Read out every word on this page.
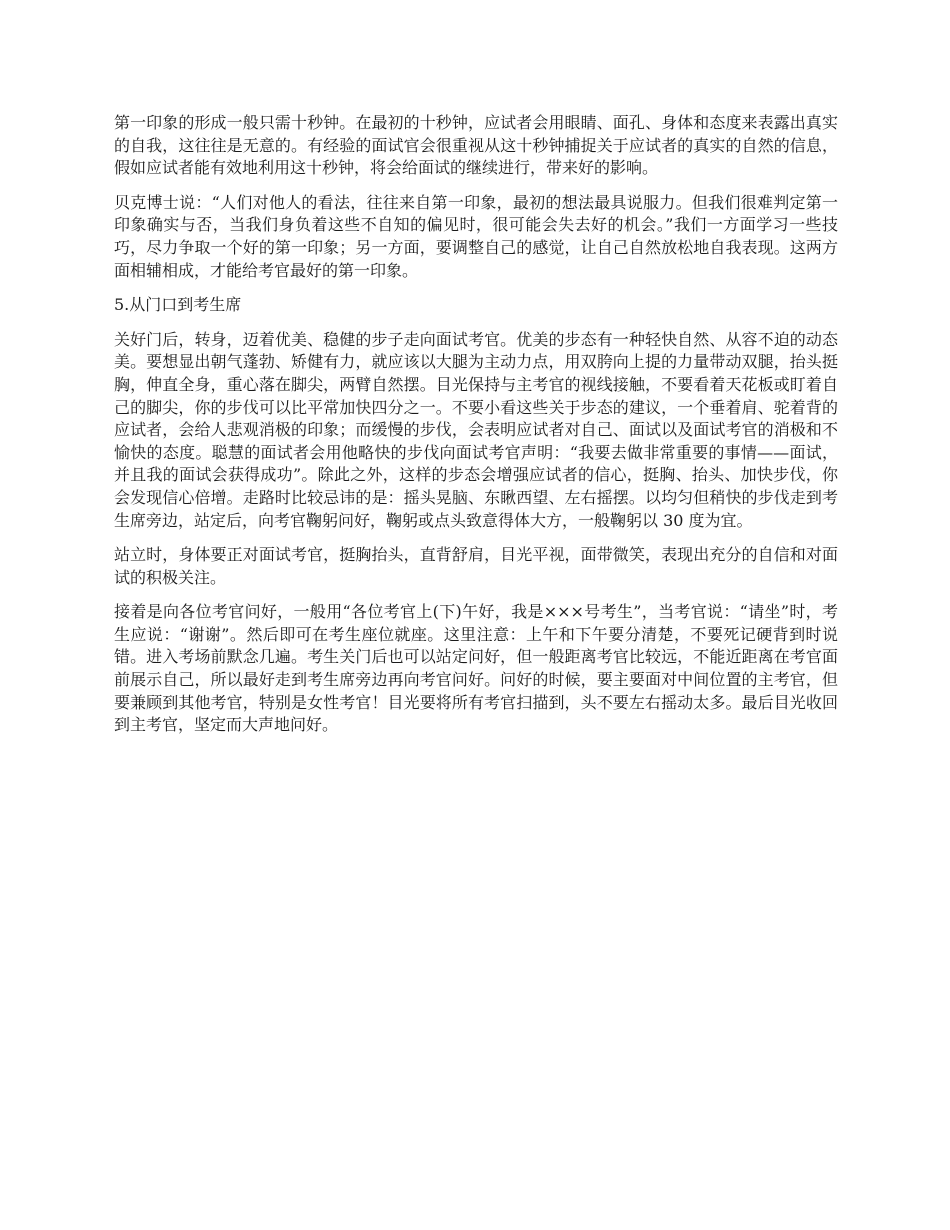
第一印象的形成一般只需十秒钟。在最初的十秒钟，应试者会用眼睛、面孔、身体和态度来表露出真实的自我，这往往是无意的。有经验的面试官会很重视从这十秒钟捕捉关于应试者的真实的自然的信息，假如应试者能有效地利用这十秒钟，将会给面试的继续进行，带来好的影响。

贝克博士说：“人们对他人的看法，往往来自第一印象，最初的想法最具说服力。但我们很难判定第一印象确实与否，当我们身负着这些不自知的偏见时，很可能会失去好的机会。”我们一方面学习一些技巧，尽力争取一个好的第一印象；另一方面，要调整自己的感觉，让自己自然放松地自我表现。这两方面相辅相成，才能给考官最好的第一印象。

5.从门口到考生席

关好门后，转身，迈着优美、稳健的步子走向面试考官。优美的步态有一种轻快自然、从容不迫的动态美。要想显出朝气蓬勃、矫健有力，就应该以大腿为主动力点，用双胯向上提的力量带动双腿，抬头挺胸，伸直全身，重心落在脚尖，两臂自然摆。目光保持与主考官的视线接触，不要看着天花板或盯着自己的脚尖，你的步伐可以比平常加快四分之一。不要小看这些关于步态的建议，一个垂着肩、驼着背的应试者，会给人悲观消极的印象；而缓慢的步伐，会表明应试者对自己、面试以及面试考官的消极和不愉快的态度。聪慧的面试者会用他略快的步伐向面试考官声明：“我要去做非常重要的事情——面试，并且我的面试会获得成功”。除此之外，这样的步态会增强应试者的信心，挺胸、抬头、加快步伐，你会发现信心倍增。走路时比较忌讳的是：摇头晃脑、东瞅西望、左右摇摆。以均匀但稍快的步伐走到考生席旁边，站定后，向考官鞠躬问好，鞠躬或点头致意得体大方，一般鞠躬以 30 度为宜。

站立时，身体要正对面试考官，挺胸抬头，直背舒肩，目光平视，面带微笑，表现出充分的自信和对面试的积极关注。

接着是向各位考官问好，一般用“各位考官上(下)午好，我是×××号考生”，当考官说：“请坐”时，考生应说：“谢谢”。然后即可在考生座位就座。这里注意：上午和下午要分清楚，不要死记硬背到时说错。进入考场前默念几遍。考生关门后也可以站定问好，但一般距离考官比较远，不能近距离在考官面前展示自己，所以最好走到考生席旁边再向考官问好。问好的时候，要主要面对中间位置的主考官，但要兼顾到其他考官，特别是女性考官！目光要将所有考官扫描到，头不要左右摇动太多。最后目光收回到主考官，坚定而大声地问好。
